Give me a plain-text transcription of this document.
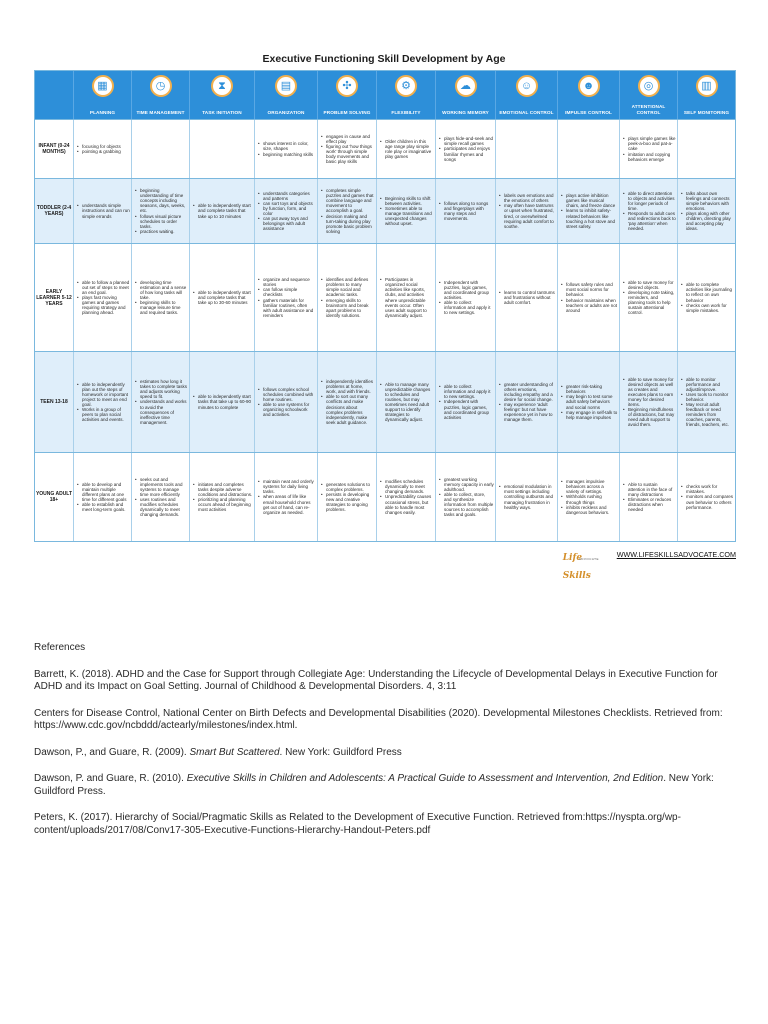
Executive Functioning Skill Development by Age
▦
PLANNING
◷
TIME MANAGEMENT
⧗
TASK INITIATION
▤
ORGANIZATION
✣
PROBLEM SOLVING
⚙
FLEXIBILITY
☁
WORKING MEMORY
☺
EMOTIONAL CONTROL
☻
IMPULSE CONTROL
◎
ATTENTIONAL CONTROL
▥
SELF MONITORING
INFANT (0-24 MONTHS)
• focusing for objects
• pointing & grabbing
• shows interest in color, size, shapes
• beginning matching skills
• engages in cause and effect play
• figuring out 'how things work' through simple body movements and basic play skills
• Older children in this age range play simple role play or imaginative play games
• plays hide-and-seek and simple recall games
• participates and enjoys familiar rhymes and songs
• plays simple games like peek-a-boo and pat-a-cake
• imitation and copying behaviors emerge
TODDLER (2-4 YEARS)
• understands simple instructions and can run simple errands
• beginning understanding of time concepts including seasons, days, weeks, etc.
• follows visual picture schedules to order tasks.
• practices waiting.
• able to independently start and complete tasks that take up to 10 minutes
• understands categories and patterns
• can sort toys and objects by function, form, and color
• can put away toys and belongings with adult assistance
• completes simple puzzles and games that combine language and movement to accomplish a goal.
• decision making and turn-taking during play promote basic problem solving
• Beginning skills to shift between activities.
• Sometimes able to manage transitions and unexpected changes without upset.
• follows along to songs and fingerplays with many steps and movements.
• labels own emotions and the emotions of others
• may often have tantrums or upset when frustrated, tired, or overwhelmed requiring adult comfort to soothe.
• plays active inhibition games like musical chairs, and freeze dance
• learns to inhibit safety-related behaviors like touching a hot stove and street safety.
• able to direct attention to objects and activities for longer periods of time.
• Responds to adult cues and redirections back to 'pay attention' when needed.
• talks about own feelings and connects simple behaviors with emotions.
• plays along with other children, directing play and accepting play ideas.
EARLY LEARNER 5-12 YEARS
• able to follow a planned out set of steps to meet an end goal.
• plays fast moving games and games requiring strategy and planning ahead.
• developing time estimation and a sense of how long tasks will take.
• beginning skills to manage leisure time and required tasks.
• able to independently start and complete tasks that take up to 30-60 minutes
• organize and sequence stories
• can follow simple checklists
• gathers materials for familiar routines, often with adult assistance and reminders
• identifies and defines problems to many simple social and academic tasks.
• emerging skills to brainstorm and break apart problems to identify solutions.
• Participates in organized social activities like sports, clubs, and activities where unpredictable events occur. Often uses adult support to dynamically adjust.
• Independent with puzzles, logic games, and coordinated group activities.
• able to collect information and apply it to new settings.
• learns to control tantrums and frustrations without adult comfort.
• follows safety rules and most social norms for behavior.
• behavior maintains when teachers or adults are not around
• able to save money for desired objects.
• developing note taking, reminders, and planning tools to help sustain attentional control.
• able to complete activities like journaling to reflect on own behavior
• checks own work for simple mistakes.
TEEN 13-18
• able to independently plan out the steps of homework or important project to meet an end goal.
• Works in a group of peers to plan social activities and events.
• estimates how long it takes to complete tasks and adjusts working speed to fit.
• understands and works to avoid the consequences of ineffective time management.
• able to independently start tasks that take up to 60-90 minutes to complete
• follows complex school schedules combined with home routines.
• able to use systems for organizing schoolwork and activities.
• independently identifies problems at home, work, and with friends.
• able to sort out many conflicts and make decisions about complex problems independently, make seek adult guidance.
• Able to manage many unpredictable changes to schedules and routines, but may sometimes need adult support to identify strategies to dynamically adjust.
• able to collect information and apply it to new settings.
• Independent with puzzles, logic games, and coordinated group activities
• greater understanding of others emotions, including empathy and a desire for social change.
• may experience 'adult feelings' but not have experience yet in how to manage them.
• greater risk-taking behaviors
• may begin to test some adult safety behaviors and social norms
• may engage in self-talk to help manage impulses
• able to save money for desired objects as well as creates and executes plans to earn money for desired items.
• Beginning mindfulness of distractions, but may need adult support to avoid them.
• able to monitor performance and adjust/improve.
• Uses tools to monitor behavior.
• May recruit adult feedback or need reminders from coaches, parents, friends, teachers, etc.
YOUNG ADULT 18+
• able to develop and maintain multiple different plans at one time for different goals
• able to establish and meet long-term goals.
• seeks out and implements tools and systems to manage time more efficiently
• uses routines and modifies schedules dynamically to meet changing demands.
• initiates and completes tasks despite adverse conditions and distractions.
• prioritizing and planning occurs ahead of beginning most activities
• maintain neat and orderly systems for daily living tasks.
• when areas of life like email household chores get out of hand, can re-organize as needed.
• generates solutions to complex problems.
• persists in developing new and creative strategies to ongoing problems.
• modifies schedules dynamically to meet changing demands.
• Unpredictability causes occasional stress, but able to handle most changes easily.
• greatest working memory capacity in early adulthood.
• able to collect, store, and synthesize information from multiple sources to accomplish tasks and goals.
• emotional modulation in most settings including controlling outbursts and managing frustration in healthy ways.
• manages impulsive behaviors across a variety of settings.
• Withholds rushing through things
• inhibits reckless and dangerous behaviors.
• Able to sustain attention in the face of many distractions
• Eliminates or reduces distractions when needed
• checks work for mistakes.
• monitors and compares own behavior to others performance.
Life Skills
ADVOCATE
WWW.LIFESKILLSADVOCATE.COM

References

Barrett, K. (2018). ADHD and the Case for Support through Collegiate Age: Understanding the Lifecycle of Developmental Delays in Executive Function for ADHD and its Impact on Goal Setting. Journal of Childhood & Developmental Disorders. 4, 3:11

Centers for Disease Control, National Center on Birth Defects and Developmental Disabilities (2020). Developmental Milestones Checklists. Retrieved from: https://www.cdc.gov/ncbddd/actearly/milestones/index.html.

Dawson, P., and Guare, R. (2009). Smart But Scattered. New York: Guildford Press

Dawson, P. and Guare, R. (2010). Executive Skills in Children and Adolescents: A Practical Guide to Assessment and Intervention, 2nd Edition. New York: Guildford Press.

Peters, K. (2017). Hierarchy of Social/Pragmatic Skills as Related to the Development of Executive Function. Retrieved from:https://nyspta.org/wp-content/uploads/2017/08/Conv17-305-Executive-Functions-Hierarchy-Handout-Peters.pdf
